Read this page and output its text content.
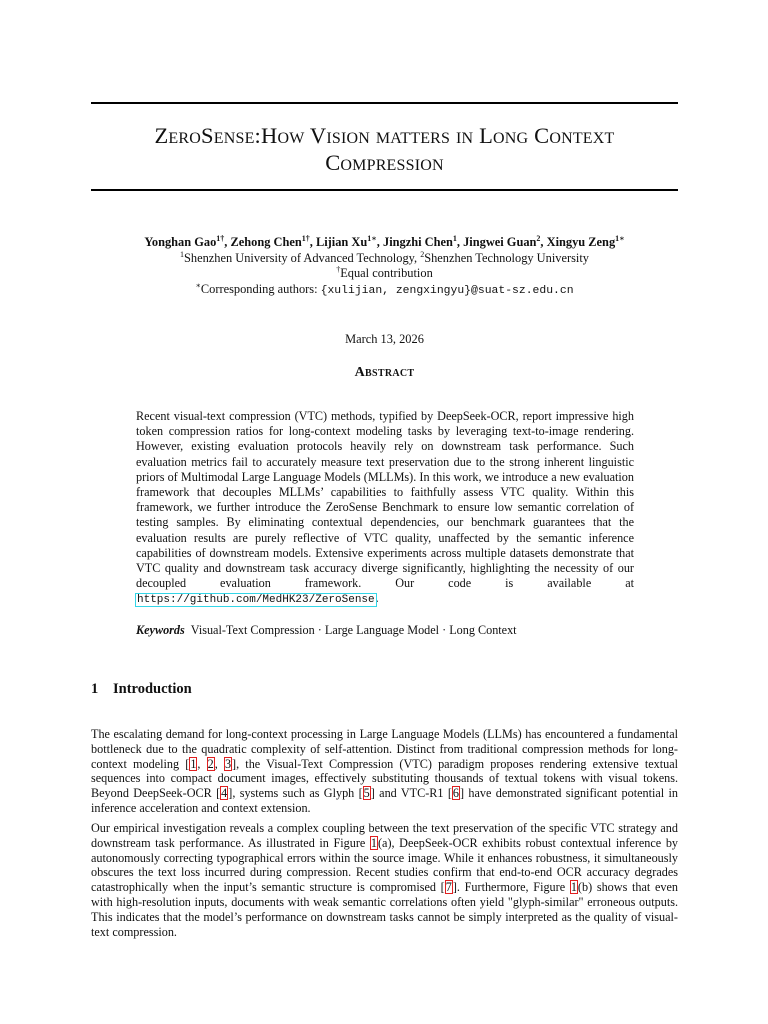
ZeroSense:How Vision matters in Long Context
Compression
Yonghan Gao$^{1\dagger}$, Zehong Chen$^{1\dagger}$, Lijian $Xu^{1∗}$, Jingzhi Chen$^1$, Jingwei Guan$^2$, Xingyu Zeng$^{1∗}$
$^1$Shenzhen University of Advanced Technology, $^2$Shenzhen Technology University
†Equal contribution
∗Corresponding authors: {xulijian, zengxingyu}@suat-sz.edu.cn
March 13, 2026
Abstract
Recent visual-text compression (VTC) methods, typified by DeepSeek-OCR, report impressive high token compression ratios for long-context modeling tasks by leveraging text-to-image rendering. However, existing evaluation protocols heavily rely on downstream task performance. Such evaluation metrics fail to accurately measure text preservation due to the strong inherent linguistic priors of Multimodal Large Language Models (MLLMs). In this work, we introduce a new evaluation framework that decouples MLLMs’ capabilities to faithfully assess VTC quality. Within this framework, we further introduce the ZeroSense Benchmark to ensure low semantic correlation of testing samples. By eliminating contextual dependencies, our benchmark guarantees that the evaluation results are purely reflective of VTC quality, unaffected by the semantic inference capabilities of downstream models. Extensive experiments across multiple datasets demonstrate that VTC quality and downstream task accuracy diverge significantly, highlighting the necessity of our decoupled evaluation framework. Our code is available at https://github.com/MedHK23/ZeroSense.
Keywords Visual-Text Compression · Large Language Model · Long Context
1 Introduction
The escalating demand for long-context processing in Large Language Models (LLMs) has encountered a fundamental bottleneck due to the quadratic complexity of self-attention. Distinct from traditional compression methods for long-context modeling [1, 2, 3], the Visual-Text Compression (VTC) paradigm proposes rendering extensive textual sequences into compact document images, effectively substituting thousands of textual tokens with visual tokens. Beyond DeepSeek-OCR [4], systems such as Glyph [5] and VTC-R1 [6] have demonstrated significant potential in inference acceleration and context extension.
Our empirical investigation reveals a complex coupling between the text preservation of the specific VTC strategy and downstream task performance. As illustrated in Figure 1(a), DeepSeek-OCR exhibits robust contextual inference by autonomously correcting typographical errors within the source image. While it enhances robustness, it simultaneously obscures the text loss incurred during compression. Recent studies confirm that end-to-end OCR accuracy degrades catastrophically when the input’s semantic structure is compromised [7]. Furthermore, Figure 1(b) shows that even with high-resolution inputs, documents with weak semantic correlations often yield "glyph-similar" erroneous outputs. This indicates that the model’s performance on downstream tasks cannot be simply interpreted as the quality of visual-text compression.
